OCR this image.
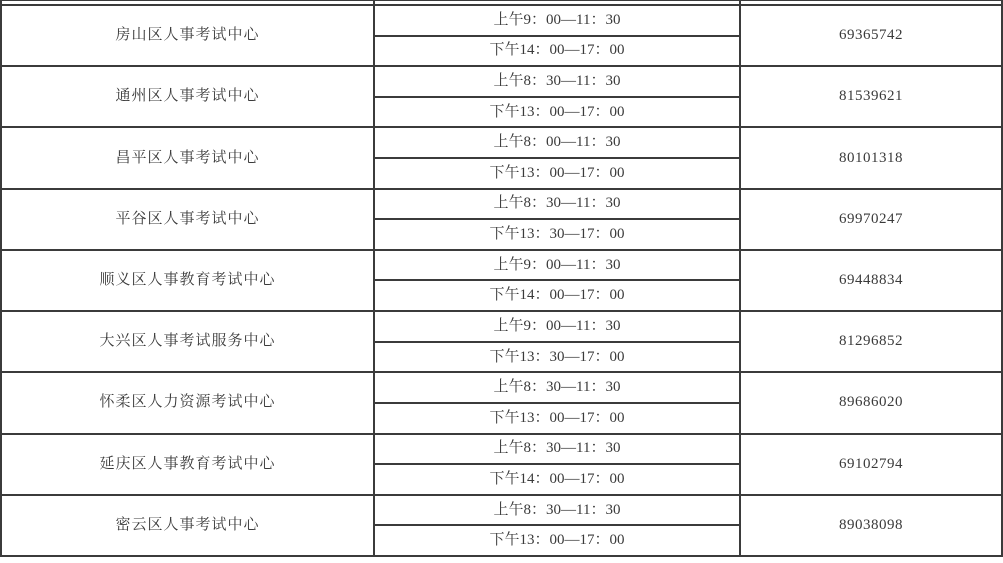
房山区人事考试中心	上午9：00—11：30	69365742
	下午14：00—17：00	
通州区人事考试中心	上午8：30—11：30	81539621
	下午13：00—17：00	
昌平区人事考试中心	上午8：00—11：30	80101318
	下午13：00—17：00	
平谷区人事考试中心	上午8：30—11：30	69970247
	下午13：30—17：00	
顺义区人事教育考试中心	上午9：00—11：30	69448834
	下午14：00—17：00	
大兴区人事考试服务中心	上午9：00—11：30	81296852
	下午13：30—17：00	
怀柔区人力资源考试中心	上午8：30—11：30	89686020
	下午13：00—17：00	
延庆区人事教育考试中心	上午8：30—11：30	69102794
	下午14：00—17：00	
密云区人事考试中心	上午8：30—11：30	89038098
	下午13：00—17：00	
